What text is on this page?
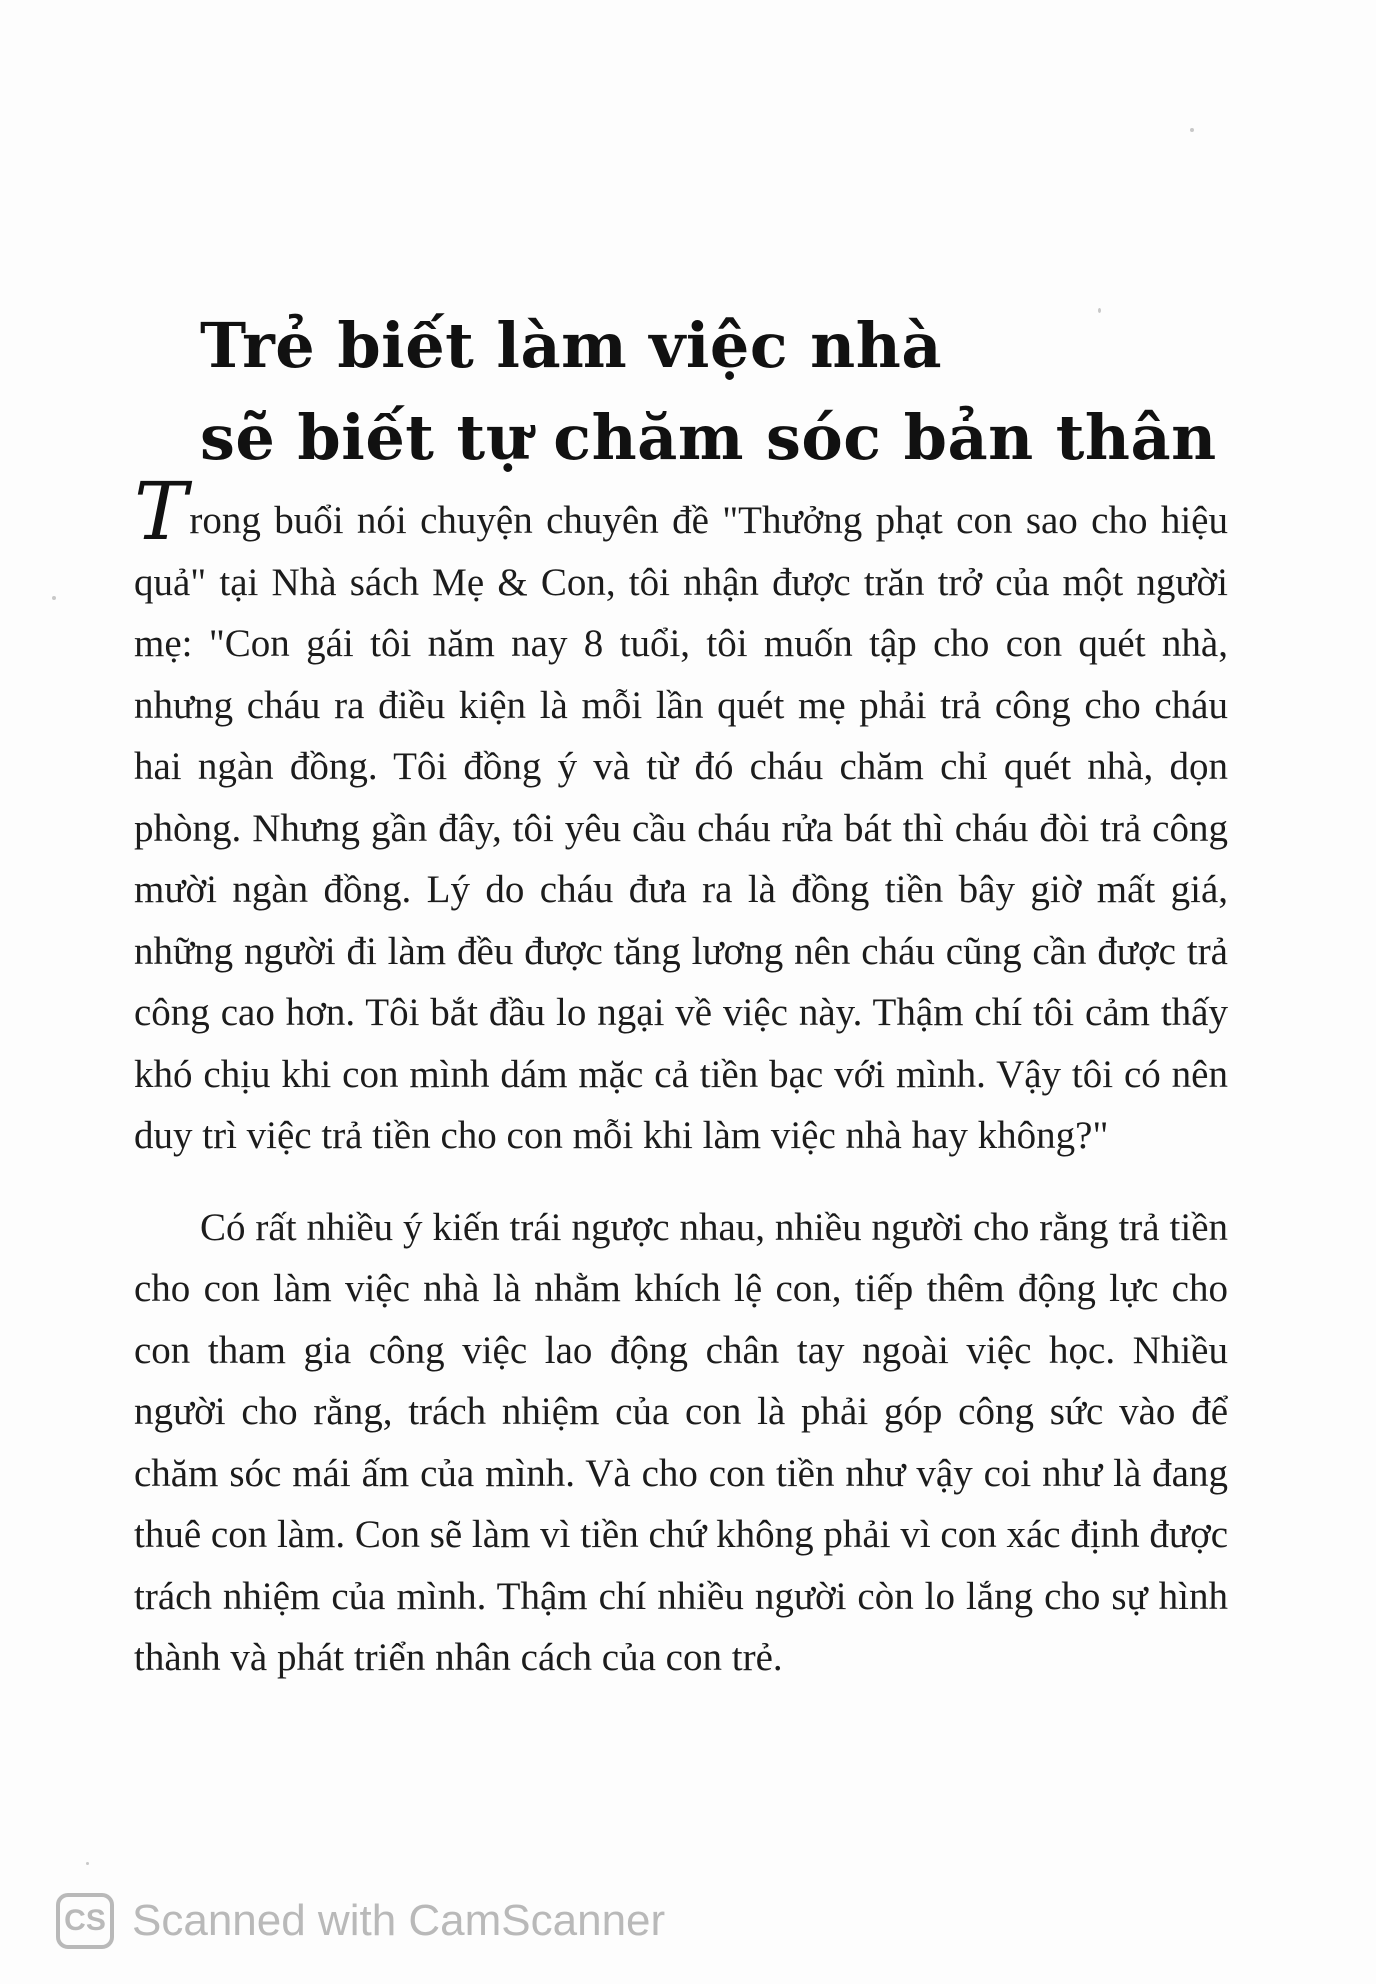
Trẻ biết làm việc nhà
sẽ biết tự chăm sóc bản thân

Trong buổi nói chuyện chuyên đề "Thưởng phạt con sao cho hiệu quả" tại Nhà sách Mẹ & Con, tôi nhận được trăn trở của một người mẹ: "Con gái tôi năm nay 8 tuổi, tôi muốn tập cho con quét nhà, nhưng cháu ra điều kiện là mỗi lần quét mẹ phải trả công cho cháu hai ngàn đồng. Tôi đồng ý và từ đó cháu chăm chỉ quét nhà, dọn phòng. Nhưng gần đây, tôi yêu cầu cháu rửa bát thì cháu đòi trả công mười ngàn đồng. Lý do cháu đưa ra là đồng tiền bây giờ mất giá, những người đi làm đều được tăng lương nên cháu cũng cần được trả công cao hơn. Tôi bắt đầu lo ngại về việc này. Thậm chí tôi cảm thấy khó chịu khi con mình dám mặc cả tiền bạc với mình. Vậy tôi có nên duy trì việc trả tiền cho con mỗi khi làm việc nhà hay không?"

Có rất nhiều ý kiến trái ngược nhau, nhiều người cho rằng trả tiền cho con làm việc nhà là nhằm khích lệ con, tiếp thêm động lực cho con tham gia công việc lao động chân tay ngoài việc học. Nhiều người cho rằng, trách nhiệm của con là phải góp công sức vào để chăm sóc mái ấm của mình. Và cho con tiền như vậy coi như là đang thuê con làm. Con sẽ làm vì tiền chứ không phải vì con xác định được trách nhiệm của mình. Thậm chí nhiều người còn lo lắng cho sự hình thành và phát triển nhân cách của con trẻ.

CS Scanned with CamScanner
